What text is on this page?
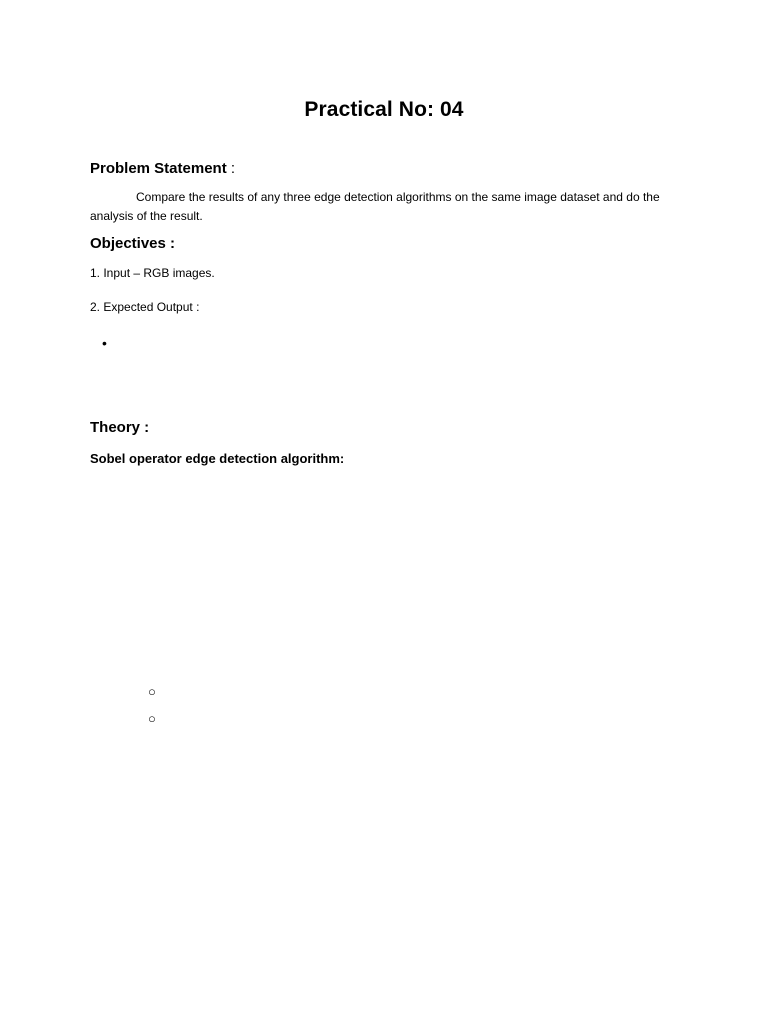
Practical No: 04
Problem Statement :
Compare the results of any three edge detection algorithms on the same image dataset and do the analysis of the result.
Objectives :
1. Input – RGB images.
2. Expected Output :
•
Theory :
Sobel operator edge detection algorithm:
○
○
